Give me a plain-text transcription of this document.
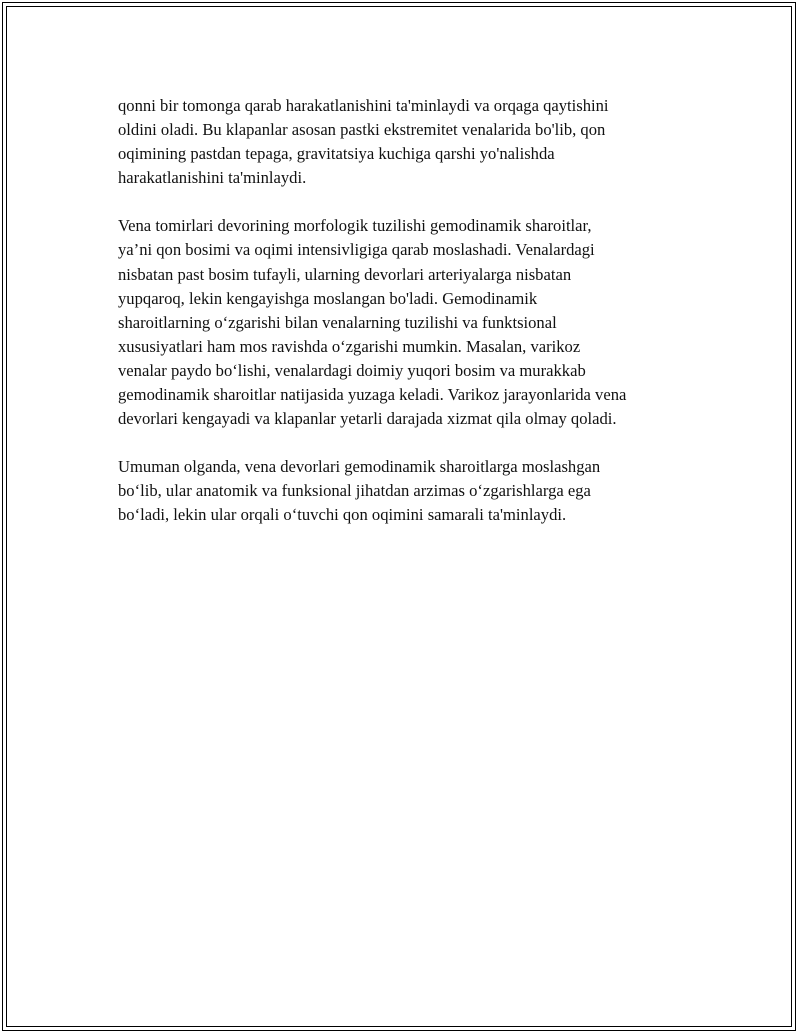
qonni bir tomonga qarab harakatlanishini ta'minlaydi va orqaga qaytishini
oldini oladi. Bu klapanlar asosan pastki ekstremitet venalarida bo'lib, qon
oqimining pastdan tepaga, gravitatsiya kuchiga qarshi yo'nalishda
harakatlanishini ta'minlaydi.

Vena tomirlari devorining morfologik tuzilishi gemodinamik sharoitlar,
ya’ni qon bosimi va oqimi intensivligiga qarab moslashadi. Venalardagi
nisbatan past bosim tufayli, ularning devorlari arteriyalarga nisbatan
yupqaroq, lekin kengayishga moslangan bo'ladi. Gemodinamik
sharoitlarning o‘zgarishi bilan venalarning tuzilishi va funktsional
xususiyatlari ham mos ravishda o‘zgarishi mumkin. Masalan, varikoz
venalar paydo bo‘lishi, venalardagi doimiy yuqori bosim va murakkab
gemodinamik sharoitlar natijasida yuzaga keladi. Varikoz jarayonlarida vena
devorlari kengayadi va klapanlar yetarli darajada xizmat qila olmay qoladi.

Umuman olganda, vena devorlari gemodinamik sharoitlarga moslashgan
bo‘lib, ular anatomik va funksional jihatdan arzimas o‘zgarishlarga ega
bo‘ladi, lekin ular orqali o‘tuvchi qon oqimini samarali ta'minlaydi.
